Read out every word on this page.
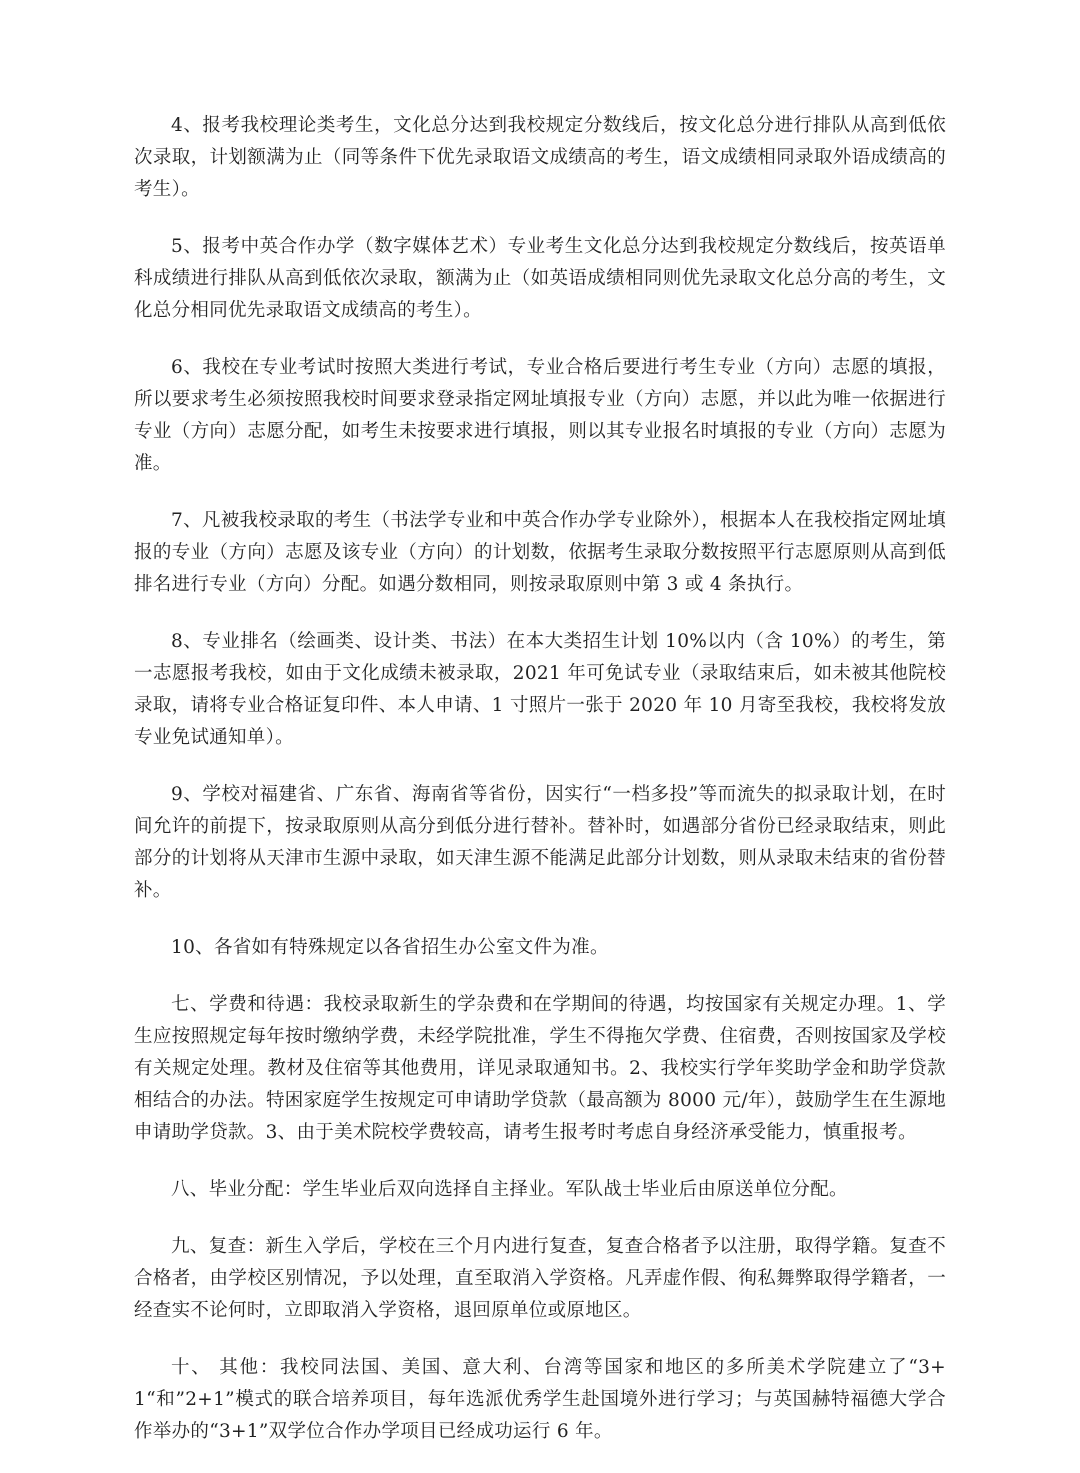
4、报考我校理论类考生，文化总分达到我校规定分数线后，按文化总分进行排队从高到低依次录取，计划额满为止（同等条件下优先录取语文成绩高的考生，语文成绩相同录取外语成绩高的考生）。

5、报考中英合作办学（数字媒体艺术）专业考生文化总分达到我校规定分数线后，按英语单科成绩进行排队从高到低依次录取，额满为止（如英语成绩相同则优先录取文化总分高的考生，文化总分相同优先录取语文成绩高的考生）。

6、我校在专业考试时按照大类进行考试，专业合格后要进行考生专业（方向）志愿的填报，所以要求考生必须按照我校时间要求登录指定网址填报专业（方向）志愿，并以此为唯一依据进行专业（方向）志愿分配，如考生未按要求进行填报，则以其专业报名时填报的专业（方向）志愿为准。

7、凡被我校录取的考生（书法学专业和中英合作办学专业除外），根据本人在我校指定网址填报的专业（方向）志愿及该专业（方向）的计划数，依据考生录取分数按照平行志愿原则从高到低排名进行专业（方向）分配。如遇分数相同，则按录取原则中第 3 或 4 条执行。

8、专业排名（绘画类、设计类、书法）在本大类招生计划 10%以内（含 10%）的考生，第一志愿报考我校，如由于文化成绩未被录取，2021 年可免试专业（录取结束后，如未被其他院校录取，请将专业合格证复印件、本人申请、1 寸照片一张于 2020 年 10 月寄至我校，我校将发放专业免试通知单）。

9、学校对福建省、广东省、海南省等省份，因实行“一档多投”等而流失的拟录取计划，在时间允许的前提下，按录取原则从高分到低分进行替补。替补时，如遇部分省份已经录取结束，则此部分的计划将从天津市生源中录取，如天津生源不能满足此部分计划数，则从录取未结束的省份替补。

10、各省如有特殊规定以各省招生办公室文件为准。

七、学费和待遇：我校录取新生的学杂费和在学期间的待遇，均按国家有关规定办理。1、学生应按照规定每年按时缴纳学费，未经学院批准，学生不得拖欠学费、住宿费，否则按国家及学校有关规定处理。教材及住宿等其他费用，详见录取通知书。2、我校实行学年奖助学金和助学贷款相结合的办法。特困家庭学生按规定可申请助学贷款（最高额为 8000 元/年），鼓励学生在生源地申请助学贷款。3、由于美术院校学费较高，请考生报考时考虑自身经济承受能力，慎重报考。

八、毕业分配：学生毕业后双向选择自主择业。军队战士毕业后由原送单位分配。

九、复查：新生入学后，学校在三个月内进行复查，复查合格者予以注册，取得学籍。复查不合格者，由学校区别情况，予以处理，直至取消入学资格。凡弄虚作假、徇私舞弊取得学籍者，一经查实不论何时，立即取消入学资格，退回原单位或原地区。

十、 其他：我校同法国、美国、意大利、台湾等国家和地区的多所美术学院建立了“3+1“和”2+1”模式的联合培养项目，每年选派优秀学生赴国境外进行学习；与英国赫特福德大学合作举办的“3+1”双学位合作办学项目已经成功运行 6 年。
